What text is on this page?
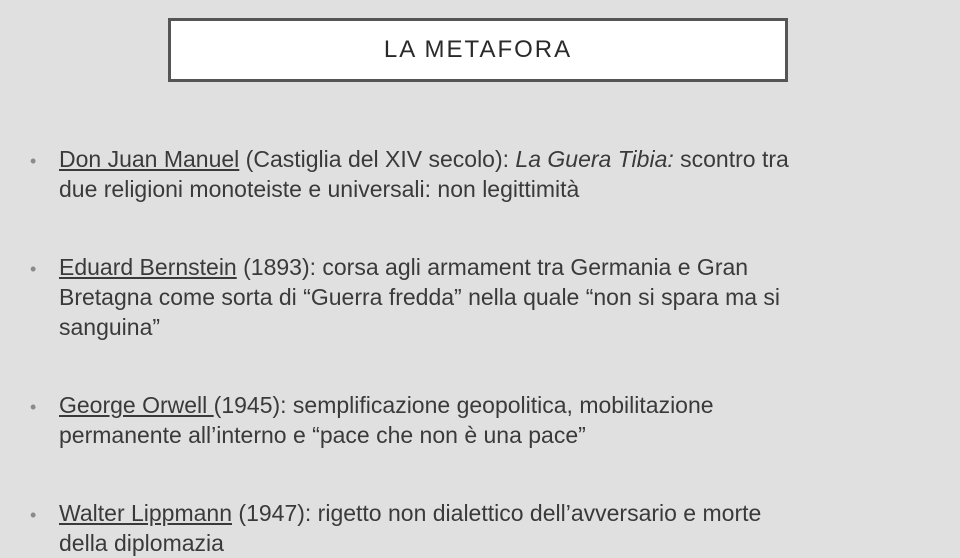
LA METAFORA
• Don Juan Manuel (Castiglia del XIV secolo): La Guera Tibia: scontro tra
due religioni monoteiste e universali: non legittimità
• Eduard Bernstein (1893): corsa agli armament tra Germania e Gran
Bretagna come sorta di “Guerra fredda” nella quale “non si spara ma si
sanguina”
• George Orwell (1945): semplificazione geopolitica, mobilitazione
permanente all’interno e “pace che non è una pace”
• Walter Lippmann (1947): rigetto non dialettico dell’avversario e morte
della diplomazia
